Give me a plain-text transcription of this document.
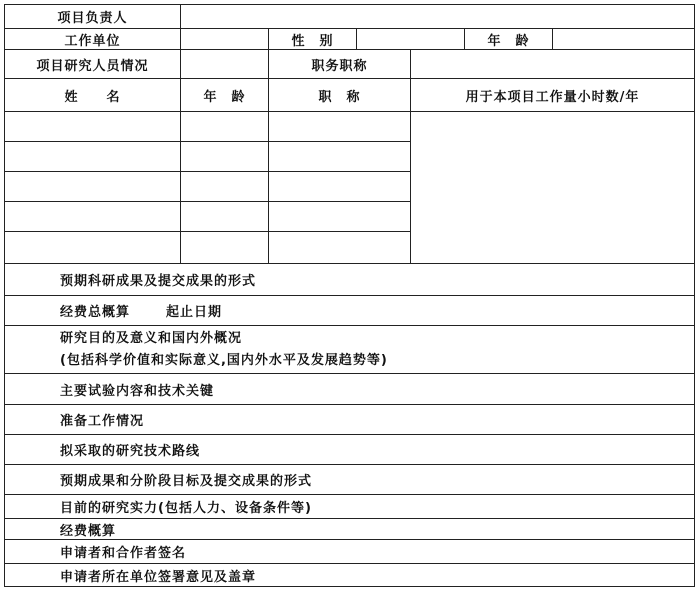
项目负责人
工作单位	性　别	年　龄
项目研究人员情况	职务职称
姓　　名	年　龄	职　称	用于本项目工作量小时数/年
预期科研成果及提交成果的形式
经费总概算	起止日期
研究目的及意义和国内外概况
(包括科学价值和实际意义,国内外水平及发展趋势等)
主要试验内容和技术关键
准备工作情况
拟采取的研究技术路线
预期成果和分阶段目标及提交成果的形式
目前的研究实力(包括人力、设备条件等)
经费概算
申请者和合作者签名
申请者所在单位签署意见及盖章
